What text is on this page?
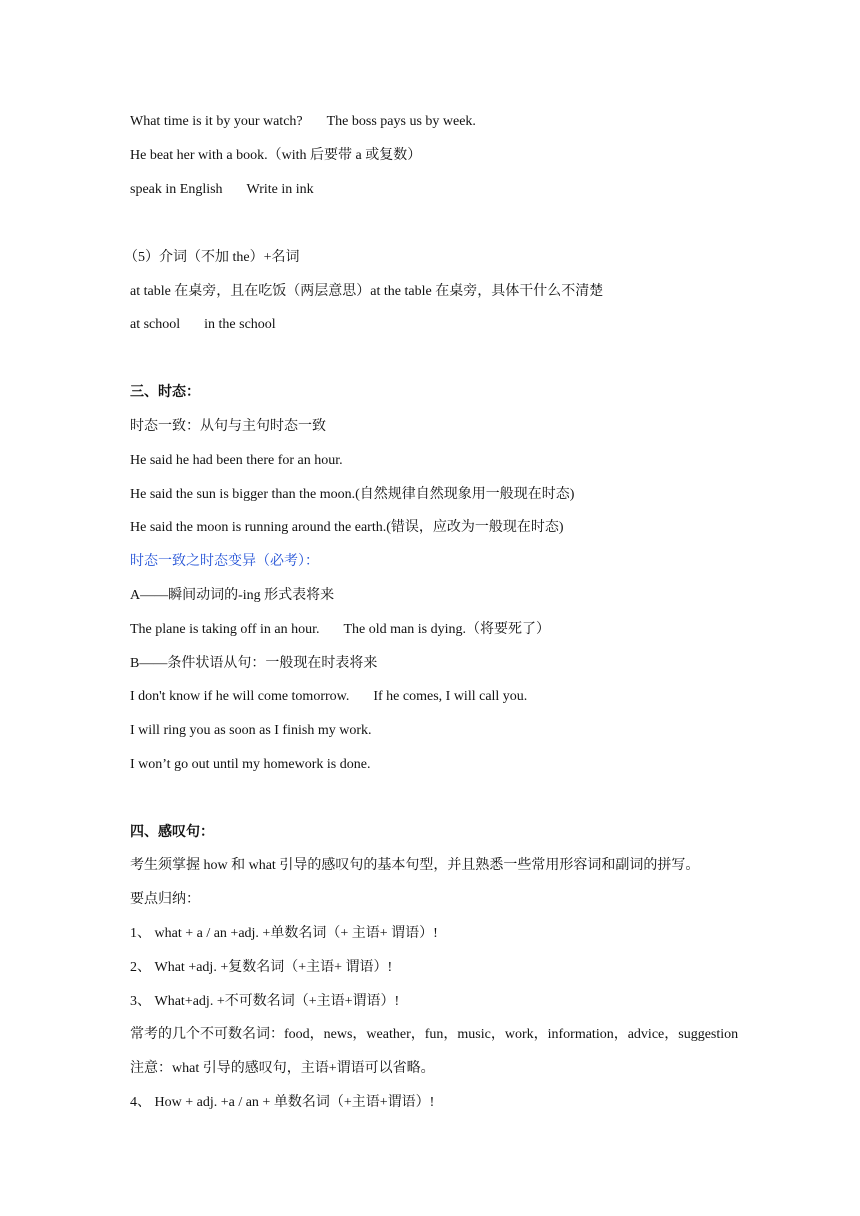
What time is it by your watch? The boss pays us by week.
He beat her with a book.（with 后要带 a 或复数）
speak in English Write in ink
（5）介词（不加 the）+名词
at table 在桌旁，且在吃饭（两层意思）at the table 在桌旁，具体干什么不清楚
at school in the school
三、时态：
时态一致：从句与主句时态一致
He said he had been there for an hour.
He said the sun is bigger than the moon.(自然规律自然现象用一般现在时态)
He said the moon is running around the earth.(错误，应改为一般现在时态)
时态一致之时态变异（必考）：
A——瞬间动词的-ing 形式表将来
The plane is taking off in an hour. The old man is dying.（将要死了）
B——条件状语从句：一般现在时表将来
I don't know if he will come tomorrow. If he comes, I will call you.
I will ring you as soon as I finish my work.
I won’t go out until my homework is done.
四、感叹句：
考生须掌握 how 和 what 引导的感叹句的基本句型，并且熟悉一些常用形容词和副词的拼写。
要点归纳：
1、 what + a / an +adj. +单数名词（+ 主语+ 谓语）!
2、 What +adj. +复数名词（+主语+ 谓语）!
3、 What+adj. +不可数名词（+主语+谓语）!
常考的几个不可数名词：food，news，weather，fun，music，work，information，advice，suggestion
注意：what 引导的感叹句，主语+谓语可以省略。
4、 How + adj. +a / an + 单数名词（+主语+谓语）!
